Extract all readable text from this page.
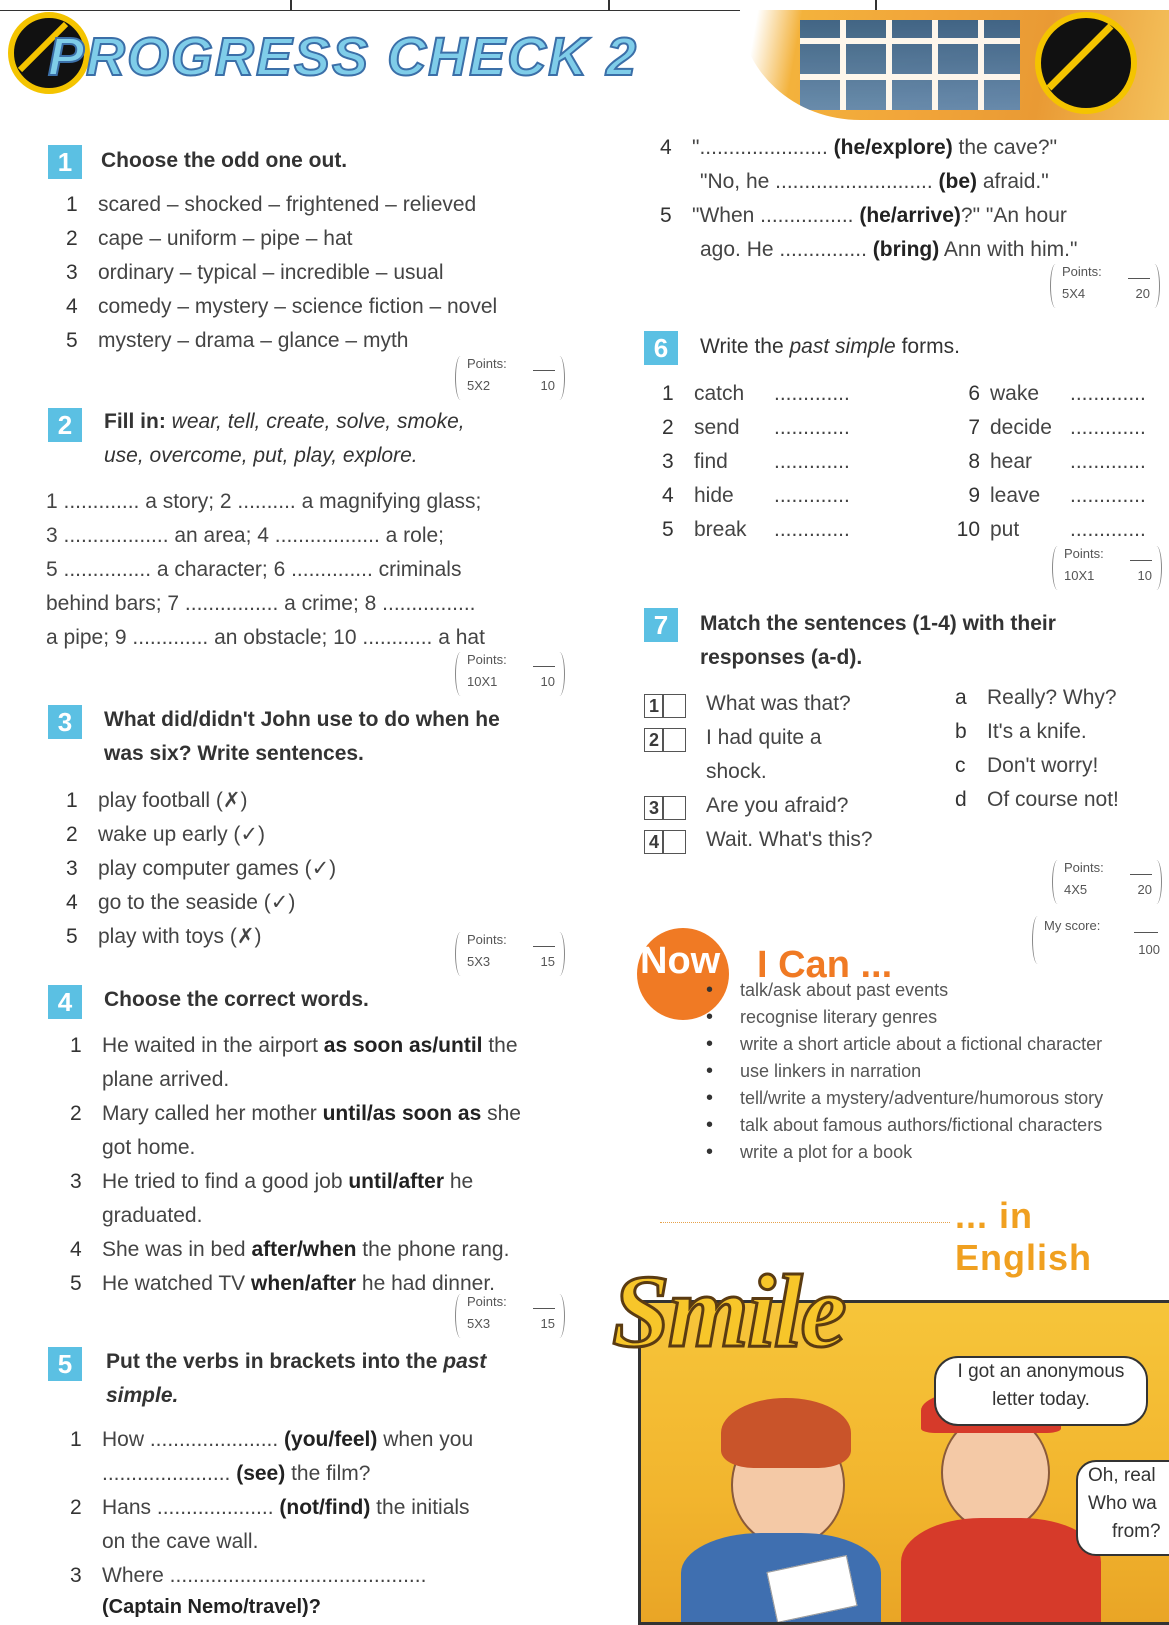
PROGRESS CHECK 2
1	Choose the odd one out.
1 scared – shocked – frightened – relieved
2 cape – uniform – pipe – hat
3 ordinary – typical – incredible – usual
4 comedy – mystery – science fiction – novel
5 mystery – drama – glance – myth
Points:
5X2	10
2	Fill in: wear, tell, create, solve, smoke,
use, overcome, put, play, explore.
1 ............. a story; 2 .......... a magnifying glass;
3 .................. an area; 4 .................. a role;
5 ............... a character; 6 .............. criminals
behind bars; 7 ................ a crime; 8 ................
a pipe; 9 ............. an obstacle; 10 ............ a hat
Points:
10X1	10
3	What did/didn't John use to do when he
was six? Write sentences.
1 play football (✗)
2 wake up early (✓)
3 play computer games (✓)
4 go to the seaside (✓)
5 play with toys (✗)	Points:
5X3	15
4	Choose the correct words.
1 He waited in the airport as soon as/until the
plane arrived.
2 Mary called her mother until/as soon as she
got home.
3 He tried to find a good job until/after he
graduated.
4 She was in bed after/when the phone rang.
5 He watched TV when/after he had dinner.
Points:
5X3	15
5	Put the verbs in brackets into the past
simple.
1 How ...................... (you/feel) when you
...................... (see) the film?
2 Hans .................... (not/find) the initials
on the cave wall.
3 Where ............................................
(Captain Nemo/travel)?
4 "...................... (he/explore) the cave?"
"No, he ........................... (be) afraid."
5 "When ................ (he/arrive)?" "An hour
ago. He ............... (bring) Ann with him."
Points:
5X4	20
6	Write the past simple forms.
1 catch .............
2 send .............
3 find .............
4 hide .............
5 break .............
6 wake .............
7 decide .............
8 hear .............
9 leave .............
10 put .............
Points:
10X1	10
7	Match the sentences (1-4) with their
responses (a-d).
1	What was that?
2	I had quite a
shock.
3	Are you afraid?
4	Wait. What's this?
a Really? Why?
b It's a knife.
c Don't worry!
d Of course not!
Points:
4X5	20
My score:
100
Now I Can ...
• talk/ask about past events
• recognise literary genres
• write a short article about a fictional character
• use linkers in narration
• tell/write a mystery/adventure/humorous story
• talk about famous authors/fictional characters
• write a plot for a book
... in English
Smile
I got an anonymous
letter today.
Oh, real
Who wa
from?
